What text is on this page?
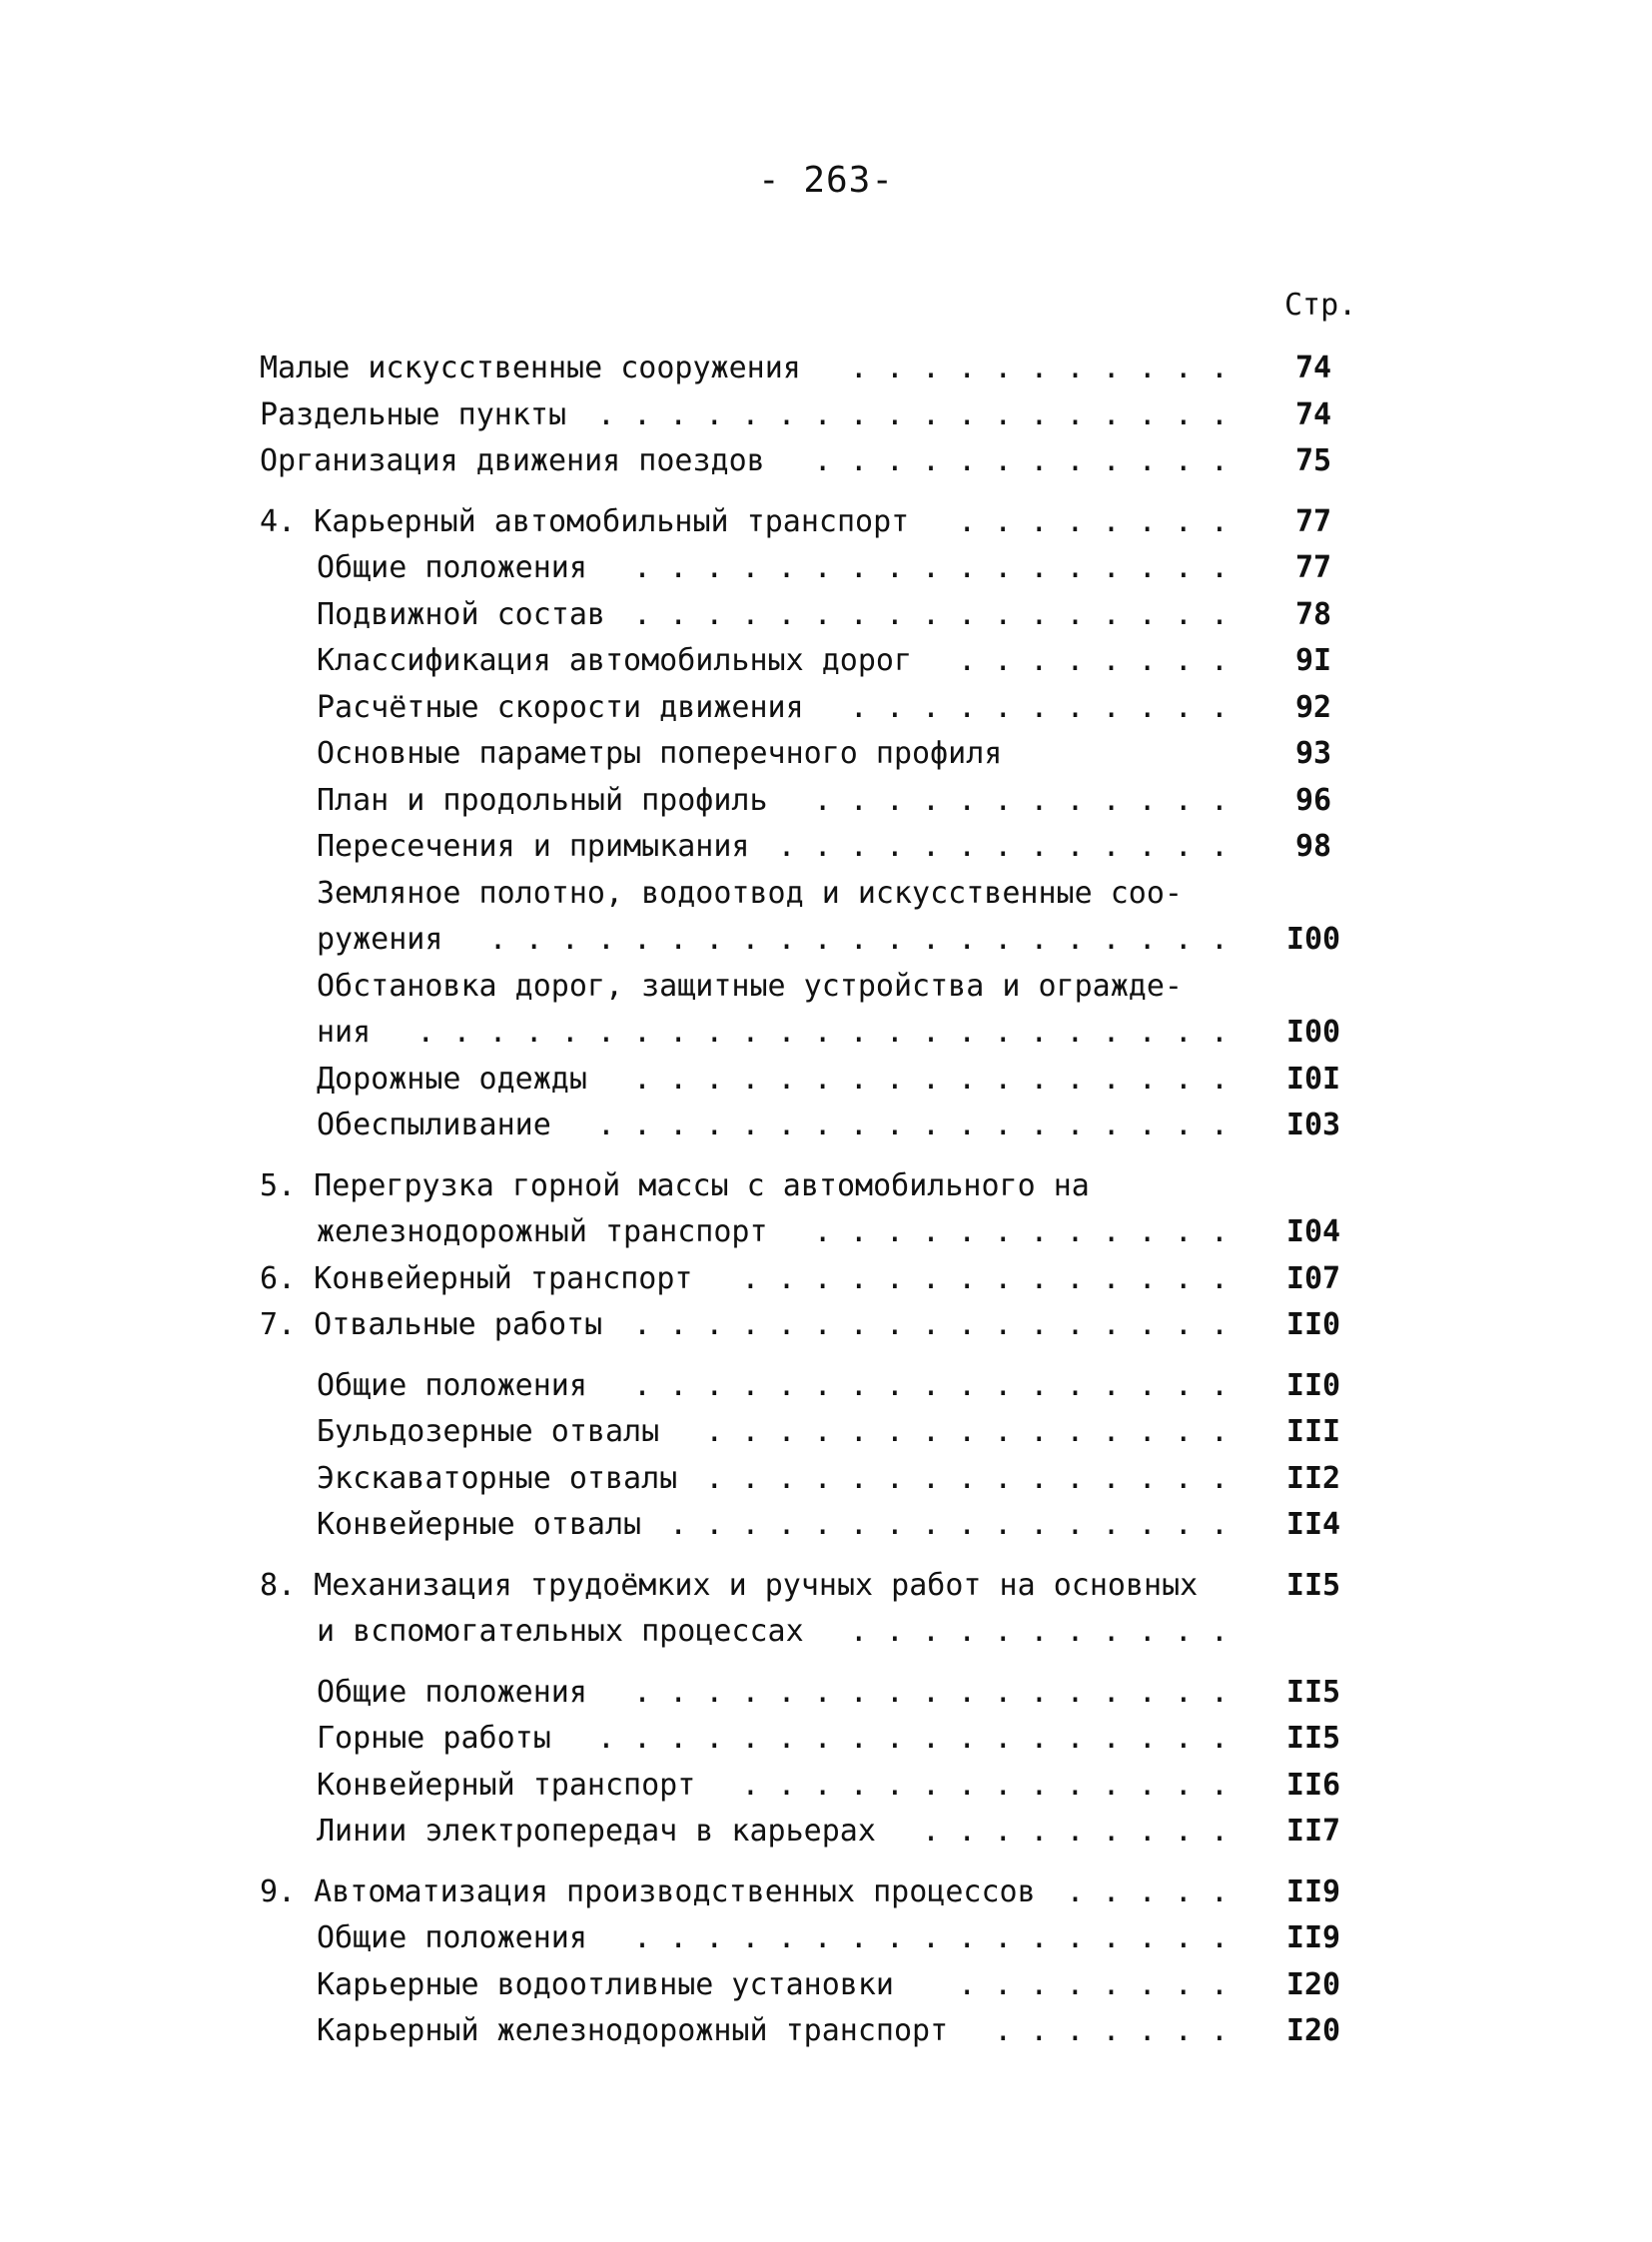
- 263-
Стр.
Малые искусственные сооружения	. . . . . . . . . . .	74
Раздельные пункты	. . . . . . . . . . . . . . . . . .	74
Организация движения поездов	. . . . . . . . . . . .	75
4. Карьерный автомобильный транспорт	. . . . . . . .	77
Общие положения	. . . . . . . . . . . . . . . . .	77
Подвижной состав . . . . . . . . . . . . . . . . .	78
Классификация автомобильных дорог	. . . . . . . .	9I
Расчётные скорости движения	. . . . . . . . . . .	92
Основные параметры поперечного профиля	93
План и продольный профиль	. . . . . . . . . . . .	96
Пересечения и примыкания . . . . . . . . . . . . .	98
Земляное полотно, водоотвод и искусственные соо-
ружения	. . . . . . . . . . . . . . . . . . . . .	I00
Обстановка дорог, защитные устройства и огражде-
ния	. . . . . . . . . . . . . . . . . . . . . . .	I00
Дорожные одежды	. . . . . . . . . . . . . . . . .	I0I
Обеспыливание	. . . . . . . . . . . . . . . . . .	I03
5. Перегрузка горной массы с автомобильного на
железнодорожный транспорт	. . . . . . . . . . . .	I04
6. Конвейерный транспорт	. . . . . . . . . . . . . .	I07
7. Отвальные работы	. . . . . . . . . . . . . . . . .	II0
Общие положения	. . . . . . . . . . . . . . . . .	II0
Бульдозерные отвалы	. . . . . . . . . . . . . . .	III
Экскаваторные отвалы . . . . . . . . . . . . . . .	II2
Конвейерные отвалы . . . . . . . . . . . . . . . .	II4
8. Механизация трудоёмких и ручных работ на основных	II5
и вспомогательных процессах	. . . . . . . . . . .
Общие положения	. . . . . . . . . . . . . . . . .	II5
Горные работы	. . . . . . . . . . . . . . . . . .	II5
Конвейерный транспорт	. . . . . . . . . . . . . .	II6
Линии электропередач в карьерах	. . . . . . . . .	II7
9. Автоматизация производственных процессов	. . . . .	II9
Общие положения	. . . . . . . . . . . . . . . . .	II9
Карьерные водоотливные установки	. . . . . . . .	I20
Карьерный железнодорожный транспорт	. . . . . . .	I20
